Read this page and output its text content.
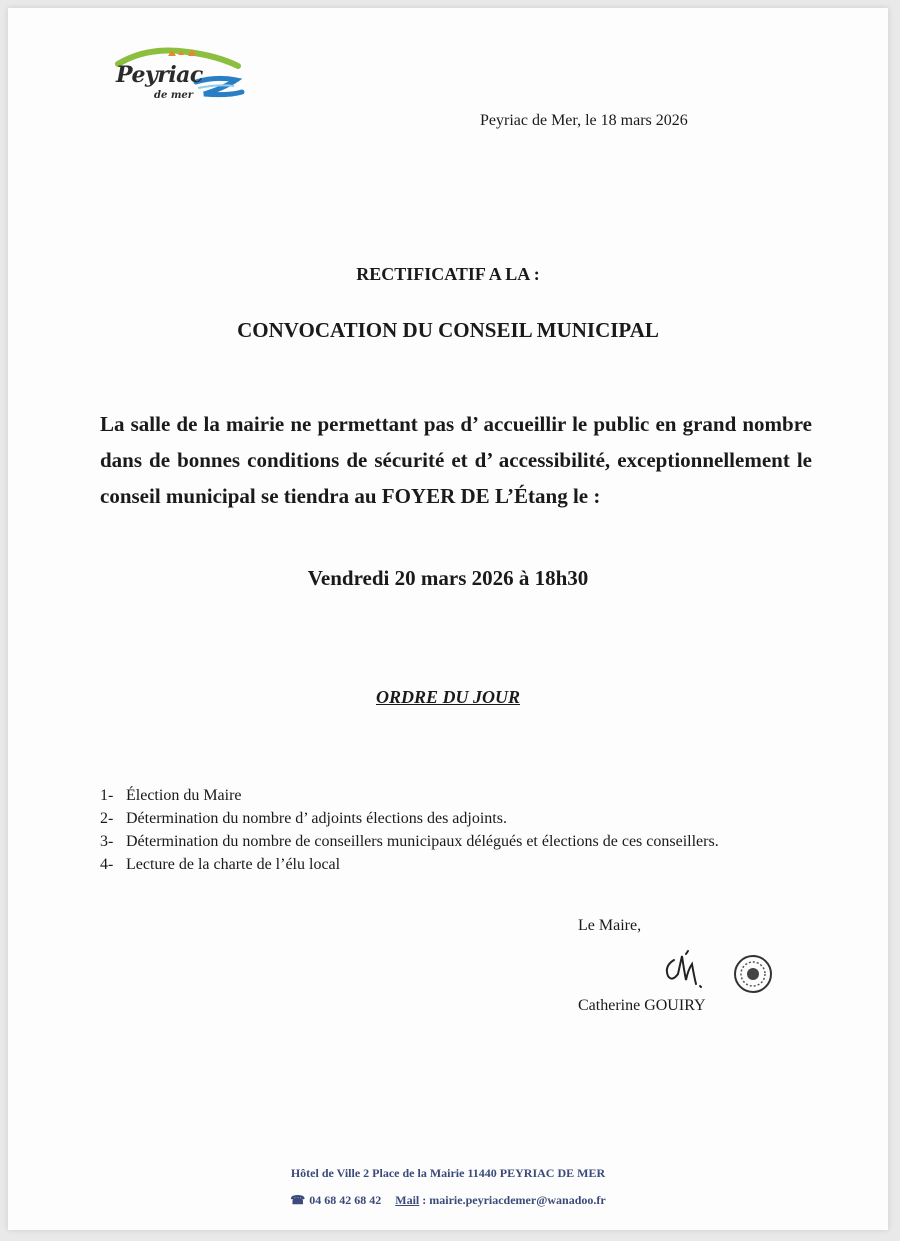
Peyriac
de mer
Peyriac de Mer, le 18 mars 2026
RECTIFICATIF A LA :
CONVOCATION DU CONSEIL MUNICIPAL
La salle de la mairie ne permettant pas d’ accueillir le public en grand nombre dans de bonnes conditions de sécurité et d’ accessibilité, exceptionnellement le conseil municipal se tiendra au FOYER DE L’Étang le :
Vendredi 20 mars 2026 à 18h30
ORDRE DU JOUR
1- Élection du Maire
2- Détermination du nombre d’ adjoints élections des adjoints.
3- Détermination du nombre de conseillers municipaux délégués et élections de ces conseillers.
4- Lecture de la charte de l’élu local
Le Maire,
Catherine GOUIRY
Hôtel de Ville 2 Place de la Mairie 11440 PEYRIAC DE MER
☎ 04 68 42 68 42 Mail : mairie.peyriacdemer@wanadoo.fr
